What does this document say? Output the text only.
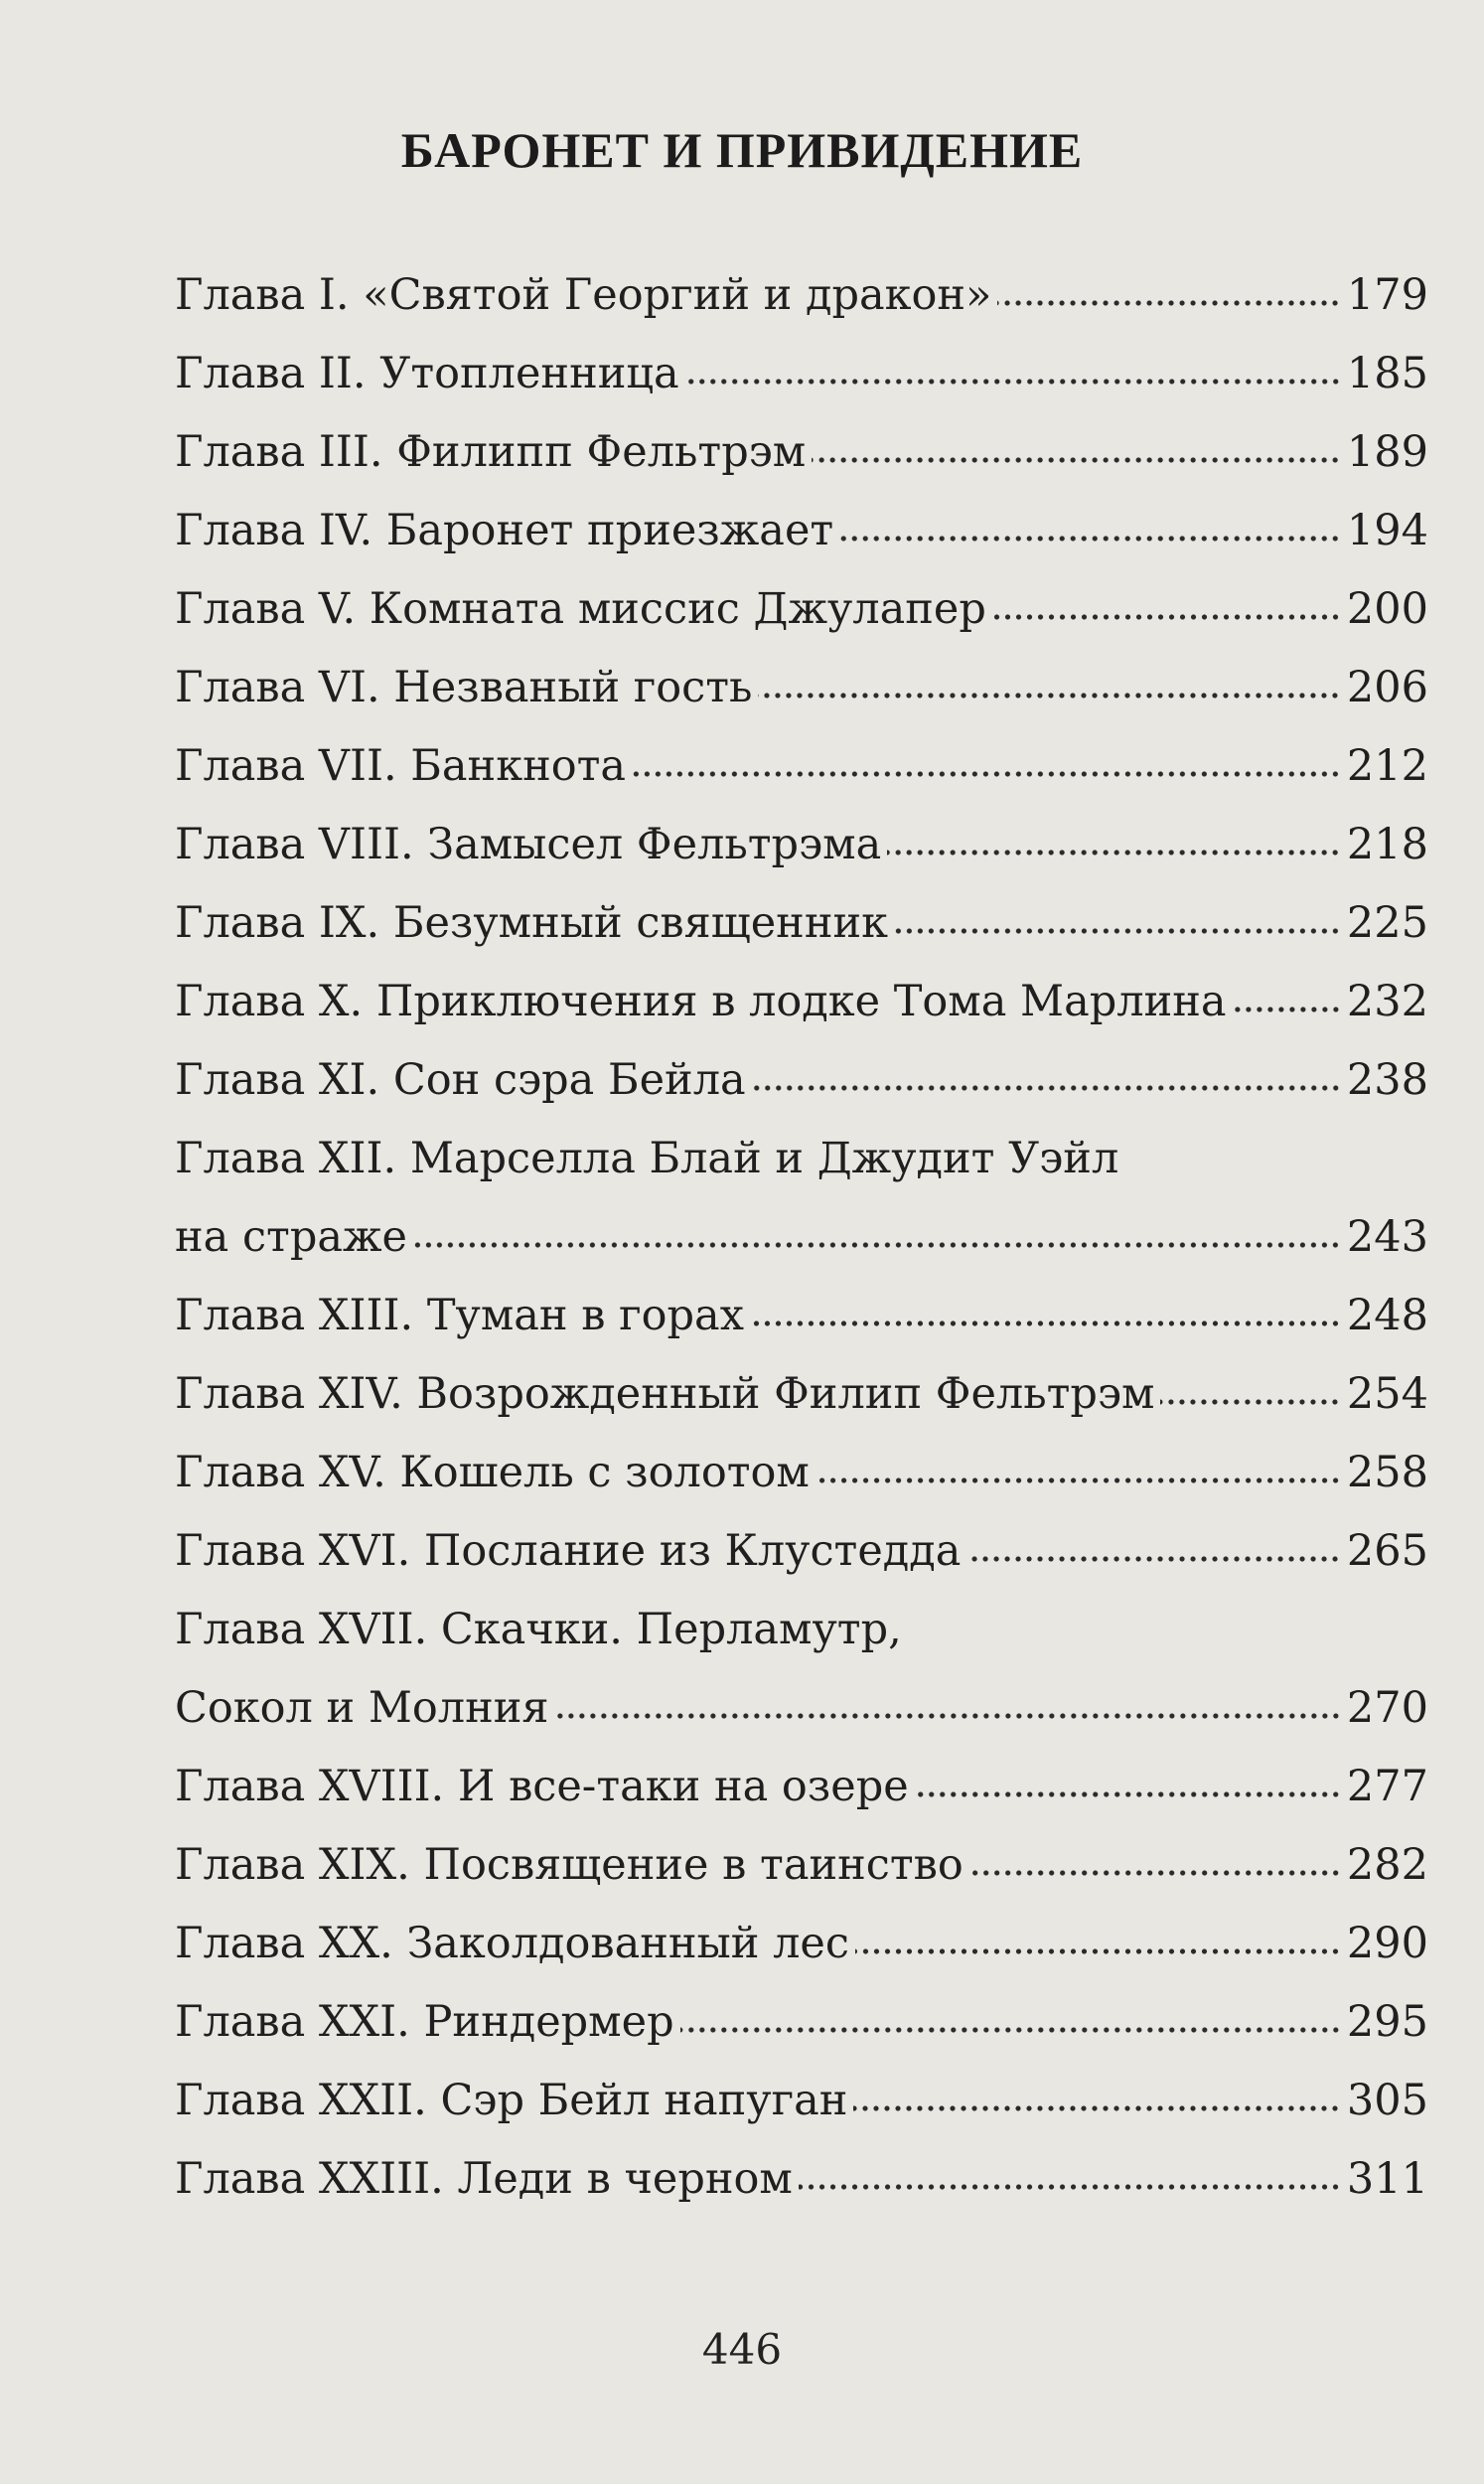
БАРОНЕТ И ПРИВИДЕНИЕ
Глава I. «Святой Георгий и дракон»	179
Глава II. Утопленница	185
Глава III. Филипп Фельтрэм	189
Глава IV. Баронет приезжает	194
Глава V. Комната миссис Джулапер	200
Глава VI. Незваный гость	206
Глава VII. Банкнота	212
Глава VIII. Замысел Фельтрэма	218
Глава IX. Безумный священник	225
Глава X. Приключения в лодке Тома Марлина	232
Глава XI. Сон сэра Бейла	238
Глава XII. Марселла Блай и Джудит Уэйл
на страже	243
Глава XIII. Туман в горах	248
Глава XIV. Возрожденный Филип Фельтрэм	254
Глава XV. Кошель с золотом	258
Глава XVI. Послание из Клустедда	265
Глава XVII. Скачки. Перламутр,
Сокол и Молния	270
Глава XVIII. И все-таки на озере	277
Глава XIX. Посвящение в таинство	282
Глава XX. Заколдованный лес	290
Глава XXI. Риндермер	295
Глава XXII. Сэр Бейл напуган	305
Глава XXIII. Леди в черном	311
446
